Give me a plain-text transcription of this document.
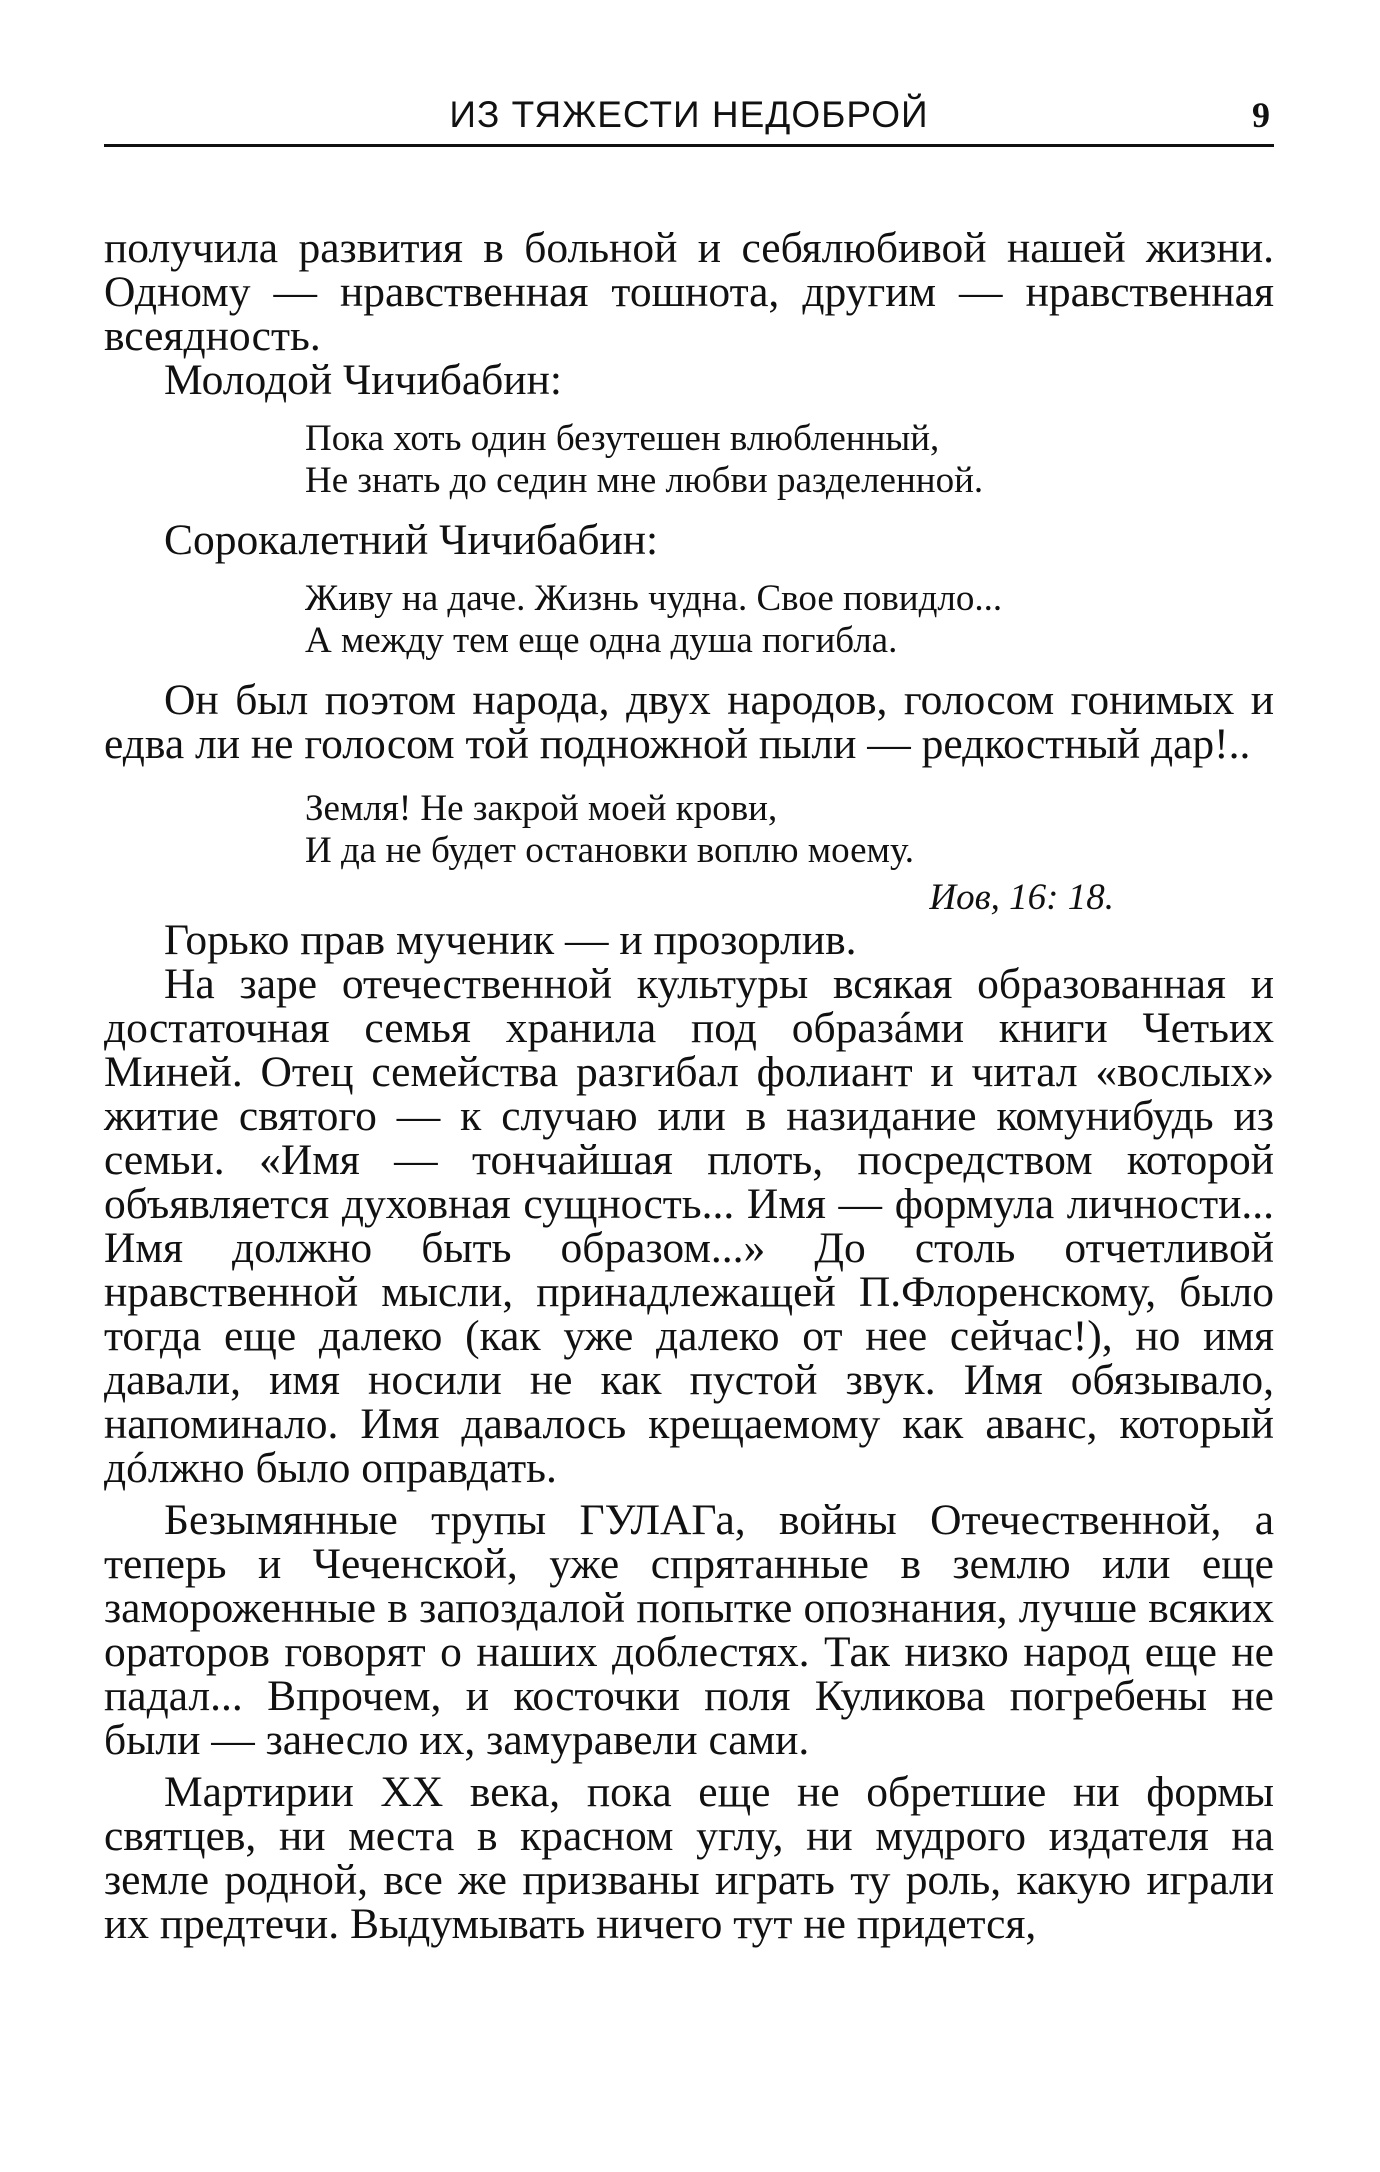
ИЗ ТЯЖЕСТИ НЕДОБРОЙ	9

получила развития в больной и себялюбивой нашей жизни. Одному — нравственная тошнота, другим — нравственная всеядность.

Молодой Чичибабин:

Пока хоть один безутешен влюбленный,
Не знать до седин мне любви разделенной.

Сорокалетний Чичибабин:

Живу на даче. Жизнь чудна. Свое повидло...
А между тем еще одна душа погибла.

Он был поэтом народа, двух народов, голосом гонимых и едва ли не голосом той подножной пыли — редкостный дар!..

Земля! Не закрой моей крови,
И да не будет остановки воплю моему.
Иов, 16: 18.

Горько прав мученик — и прозорлив.

На заре отечественной культуры всякая образованная и достаточная семья хранила под образáми книги Четьих Миней. Отец семейства разгибал фолиант и читал «вослых» житие святого — к случаю или в назидание комунибудь из семьи. «Имя — тончайшая плоть, посредством которой объявляется духовная сущность... Имя — формула личности... Имя должно быть образом...» До столь отчетливой нравственной мысли, принадлежащей П.Флоренскому, было тогда еще далеко (как уже далеко от нее сейчас!), но имя давали, имя носили не как пустой звук. Имя обязывало, напоминало. Имя давалось крещаемому как аванс, который дóлжно было оправдать.

Безымянные трупы ГУЛАГа, войны Отечественной, а теперь и Чеченской, уже спрятанные в землю или еще замороженные в запоздалой попытке опознания, лучше всяких ораторов говорят о наших доблестях. Так низко народ еще не падал... Впрочем, и косточки поля Куликова погребены не были — занесло их, замуравели сами.

Мартирии XX века, пока еще не обретшие ни формы святцев, ни места в красном углу, ни мудрого издателя на земле родной, все же призваны играть ту роль, какую играли их предтечи. Выдумывать ничего тут не придется,
